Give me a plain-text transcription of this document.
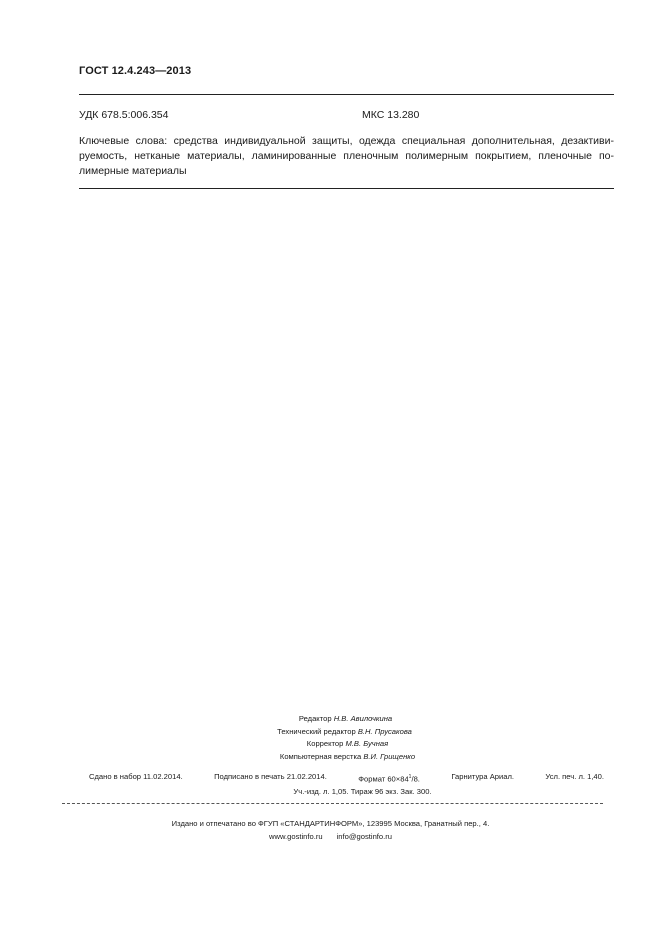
ГОСТ 12.4.243—2013
УДК 678.5:006.354	МКС 13.280
Ключевые слова: средства индивидуальной защиты, одежда специальная дополнительная, дезактиви-
руемость, нетканые материалы, ламинированные пленочным полимерным покрытием, пленочные по-
лимерные материалы
Редактор Н.В. Авилочкина
Технический редактор В.Н. Прусакова
Корректор М.В. Бучная
Компьютерная верстка В.И. Грищенко
Сдано в набор 11.02.2014.	Подписано в печать 21.02.2014.	Формат $60\times 84^1/8$.	Гарнитура Ариал.	Усл. печ. л. 1,40.
Уч.-изд. л. 1,05. Тираж 96 экз. Зак. 300.
Издано и отпечатано во ФГУП «СТАНДАРТИНФОРМ», 123995 Москва, Гранатный пер., 4.
www.gostinfo.ru info@gostinfo.ru
